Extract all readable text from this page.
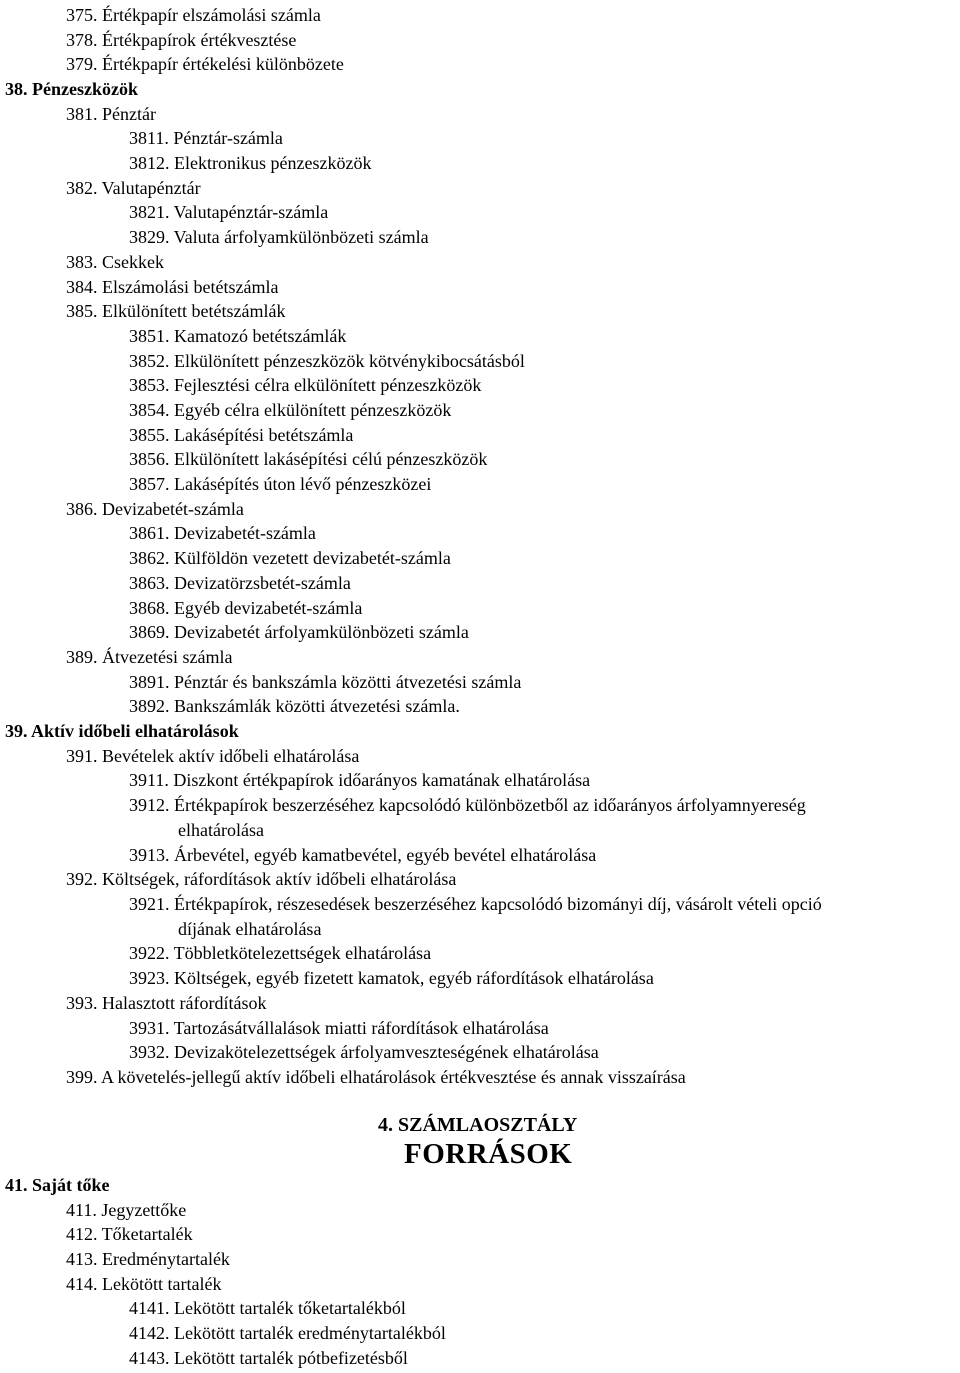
375. Értékpapír elszámolási számla
378. Értékpapírok értékvesztése
379. Értékpapír értékelési különbözete
38. Pénzeszközök
381. Pénztár
3811. Pénztár-számla
3812. Elektronikus pénzeszközök
382. Valutapénztár
3821. Valutapénztár-számla
3829. Valuta árfolyamkülönbözeti számla
383. Csekkek
384. Elszámolási betétszámla
385. Elkülönített betétszámlák
3851. Kamatozó betétszámlák
3852. Elkülönített pénzeszközök kötvénykibocsátásból
3853. Fejlesztési célra elkülönített pénzeszközök
3854. Egyéb célra elkülönített pénzeszközök
3855. Lakásépítési betétszámla
3856. Elkülönített lakásépítési célú pénzeszközök
3857. Lakásépítés úton lévő pénzeszközei
386. Devizabetét-számla
3861. Devizabetét-számla
3862. Külföldön vezetett devizabetét-számla
3863. Devizatörzsbetét-számla
3868. Egyéb devizabetét-számla
3869. Devizabetét árfolyamkülönbözeti számla
389. Átvezetési számla
3891. Pénztár és bankszámla közötti átvezetési számla
3892. Bankszámlák közötti átvezetési számla.
39. Aktív időbeli elhatárolások
391. Bevételek aktív időbeli elhatárolása
3911. Diszkont értékpapírok időarányos kamatának elhatárolása
3912. Értékpapírok beszerzéséhez kapcsolódó különbözetből az időarányos árfolyamnyereség
elhatárolása
3913. Árbevétel, egyéb kamatbevétel, egyéb bevétel elhatárolása
392. Költségek, ráfordítások aktív időbeli elhatárolása
3921. Értékpapírok, részesedések beszerzéséhez kapcsolódó bizományi díj, vásárolt vételi opció
díjának elhatárolása
3922. Többletkötelezettségek elhatárolása
3923. Költségek, egyéb fizetett kamatok, egyéb ráfordítások elhatárolása
393. Halasztott ráfordítások
3931. Tartozásátvállalások miatti ráfordítások elhatárolása
3932. Devizakötelezettségek árfolyamveszteségének elhatárolása
399. A követelés-jellegű aktív időbeli elhatárolások értékvesztése és annak visszaírása
4. SZÁMLAOSZTÁLY
FORRÁSOK
41. Saját tőke
411. Jegyzettőke
412. Tőketartalék
413. Eredménytartalék
414. Lekötött tartalék
4141. Lekötött tartalék tőketartalékból
4142. Lekötött tartalék eredménytartalékból
4143. Lekötött tartalék pótbefizetésből
